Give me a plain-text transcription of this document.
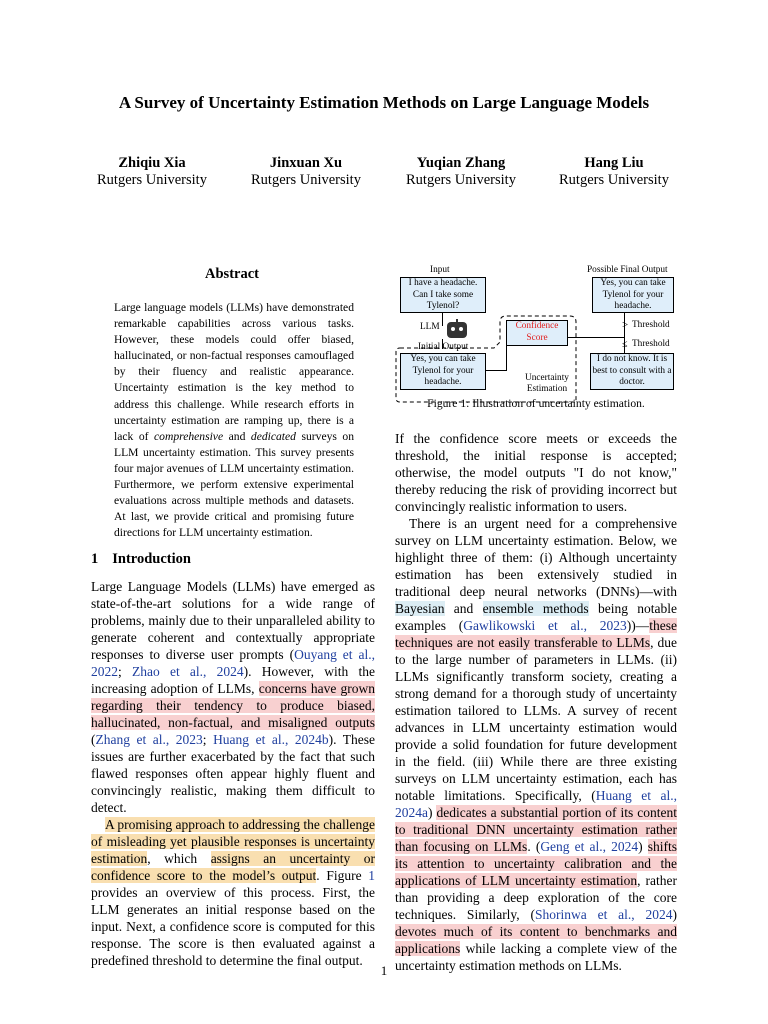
A Survey of Uncertainty Estimation Methods on Large Language Models
Zhiqiu Xia
Rutgers University
Jinxuan Xu
Rutgers University
Yuqian Zhang
Rutgers University
Hang Liu
Rutgers University
Abstract
Large language models (LLMs) have demonstrated remarkable capabilities across various tasks. However, these models could offer biased, hallucinated, or non-factual responses camouflaged by their fluency and realistic appearance. Uncertainty estimation is the key method to address this challenge. While research efforts in uncertainty estimation are ramping up, there is a lack of comprehensive and dedicated surveys on LLM uncertainty estimation. This survey presents four major avenues of LLM uncertainty estimation. Furthermore, we perform extensive experimental evaluations across multiple methods and datasets. At last, we provide critical and promising future directions for LLM uncertainty estimation.
1 Introduction
Large Language Models (LLMs) have emerged as state-of-the-art solutions for a wide range of problems, mainly due to their unparalleled ability to generate coherent and contextually appropriate responses to diverse user prompts (Ouyang et al., 2022; Zhao et al., 2024). However, with the increasing adoption of LLMs, concerns have grown regarding their tendency to produce biased, hallucinated, non-factual, and misaligned outputs (Zhang et al., 2023; Huang et al., 2024b). These issues are further exacerbated by the fact that such flawed responses often appear highly fluent and convincingly realistic, making them difficult to detect.
A promising approach to addressing the challenge of misleading yet plausible responses is uncertainty estimation, which assigns an uncertainty or confidence score to the model’s output. Figure 1 provides an overview of this process. First, the LLM generates an initial response based on the input. Next, a confidence score is computed for this response. The score is then evaluated against a predefined threshold to determine the final output.
Input
I have a headache. Can I take some Tylenol?
Possible Final Output
Yes, you can take Tylenol for your headache.
LLM
Initial Output
Yes, you can take Tylenol for your headache.
Confidence Score
> Threshold
≤ Threshold
I do not know. It is best to consult with a doctor.
Uncertainty Estimation
Figure 1: Illustration of uncertainty estimation.
If the confidence score meets or exceeds the threshold, the initial response is accepted; otherwise, the model outputs "I do not know," thereby reducing the risk of providing incorrect but convincingly realistic information to users.
There is an urgent need for a comprehensive survey on LLM uncertainty estimation. Below, we highlight three of them: (i) Although uncertainty estimation has been extensively studied in traditional deep neural networks (DNNs)—with Bayesian and ensemble methods being notable examples (Gawlikowski et al., 2023))—these techniques are not easily transferable to LLMs, due to the large number of parameters in LLMs. (ii) LLMs significantly transform society, creating a strong demand for a thorough study of uncertainty estimation tailored to LLMs. A survey of recent advances in LLM uncertainty estimation would provide a solid foundation for future development in the field. (iii) While there are three existing surveys on LLM uncertainty estimation, each has notable limitations. Specifically, (Huang et al., 2024a) dedicates a substantial portion of its content to traditional DNN uncertainty estimation rather than focusing on LLMs. (Geng et al., 2024) shifts its attention to uncertainty calibration and the applications of LLM uncertainty estimation, rather than providing a deep exploration of the core techniques. Similarly, (Shorinwa et al., 2024) devotes much of its content to benchmarks and applications while lacking a complete view of the uncertainty estimation methods on LLMs.
1
